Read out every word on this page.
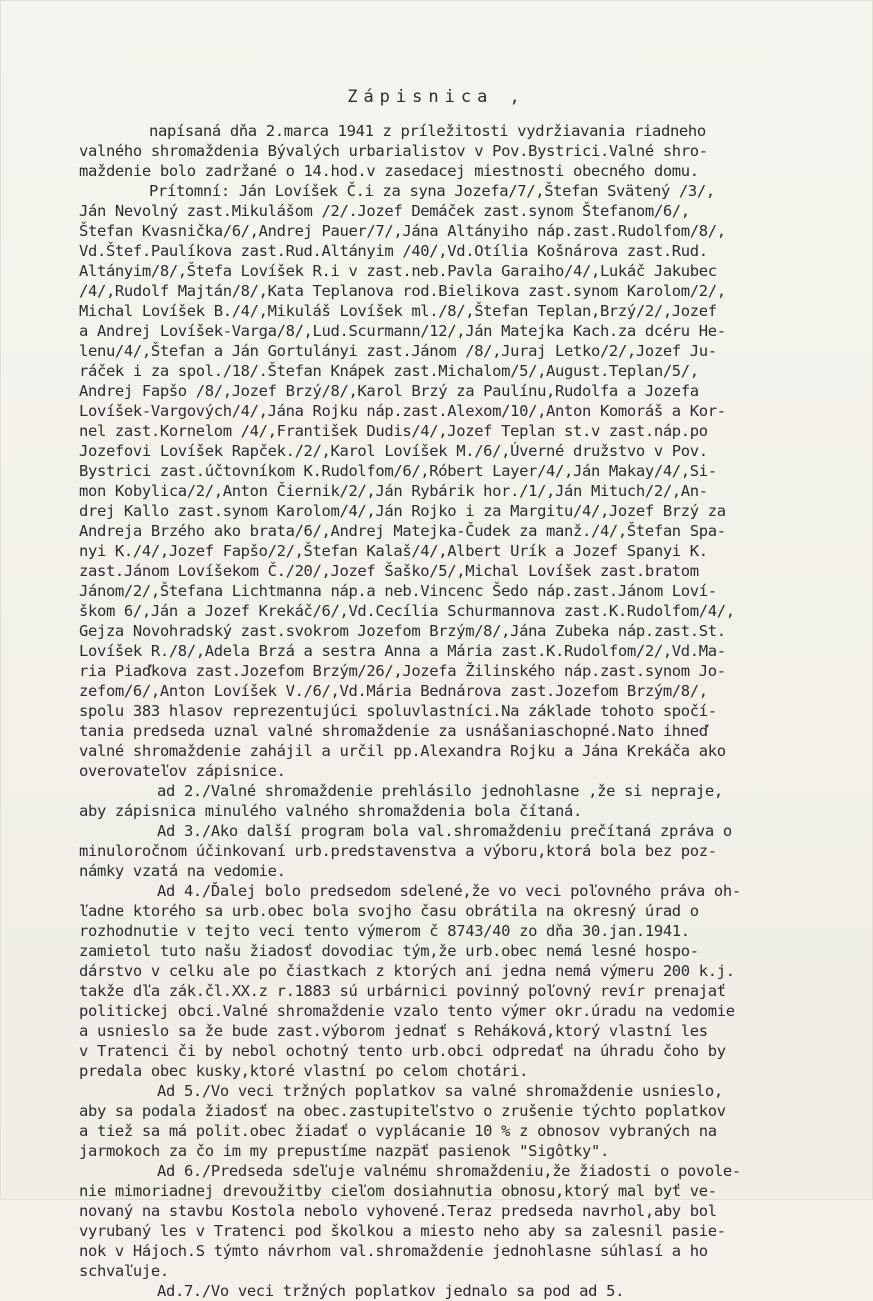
Zápisnica ,
napísaná dňa 2.marca 1941 z príležitosti vydržiavania riadneho
valného shromaždenia Bývalých urbarialistov v Pov.Bystrici.Valné shro-
maždenie bolo zadržané o 14.hod.v zasedacej miestnosti obecného domu.
Prítomní: Ján Lovíšek Č.i za syna Jozefa/7/,Štefan Svätený /3/,
Ján Nevolný zast.Mikulášom /2/.Jozef Demáček zast.synom Štefanom/6/,
Štefan Kvasnička/6/,Andrej Pauer/7/,Jána Altányiho náp.zast.Rudolfom/8/,
Vd.Štef.Paulíkova zast.Rud.Altányim /40/,Vd.Otília Košnárova zast.Rud.
Altányim/8/,Štefa Lovíšek R.i v zast.neb.Pavla Garaiho/4/,Lukáč Jakubec
/4/,Rudolf Majtán/8/,Kata Teplanova rod.Bielikova zast.synom Karolom/2/,
Michal Lovíšek B./4/,Mikuláš Lovíšek ml./8/,Štefan Teplan,Brzý/2/,Jozef
a Andrej Lovíšek-Varga/8/,Lud.Scurmann/12/,Ján Matejka Kach.za dcéru He-
lenu/4/,Štefan a Ján Gortulányi zast.Jánom /8/,Juraj Letko/2/,Jozef Ju-
ráček i za spol./18/.Štefan Knápek zast.Michalom/5/,August.Teplan/5/,
Andrej Fapšo /8/,Jozef Brzý/8/,Karol Brzý za Paulínu,Rudolfa a Jozefa
Lovíšek-Vargových/4/,Jána Rojku náp.zast.Alexom/10/,Anton Komoráš a Kor-
nel zast.Kornelom /4/,František Dudis/4/,Jozef Teplan st.v zast.náp.po
Jozefovi Lovíšek Rapček./2/,Karol Lovíšek M./6/,Úverné družstvo v Pov.
Bystrici zast.účtovníkom K.Rudolfom/6/,Róbert Layer/4/,Ján Makay/4/,Si-
mon Kobylica/2/,Anton Čiernik/2/,Ján Rybárik hor./1/,Ján Mituch/2/,An-
drej Kallo zast.synom Karolom/4/,Ján Rojko i za Margitu/4/,Jozef Brzý za
Andreja Brzého ako brata/6/,Andrej Matejka-Čudek za manž./4/,Štefan Spa-
nyi K./4/,Jozef Fapšo/2/,Štefan Kalaš/4/,Albert Urík a Jozef Spanyi K.
zast.Jánom Lovíšekom Č./20/,Jozef Šaško/5/,Michal Lovíšek zast.bratom
Jánom/2/,Štefana Lichtmanna náp.a neb.Vincenc Šedo náp.zast.Jánom Loví-
škom 6/,Ján a Jozef Krekáč/6/,Vd.Cecília Schurmannova zast.K.Rudolfom/4/,
Gejza Novohradský zast.svokrom Jozefom Brzým/8/,Jána Zubeka náp.zast.St.
Lovíšek R./8/,Adela Brzá a sestra Anna a Mária zast.K.Rudolfom/2/,Vd.Ma-
ria Piaďkova zast.Jozefom Brzým/26/,Jozefa Žilinského náp.zast.synom Jo-
zefom/6/,Anton Lovíšek V./6/,Vd.Mária Bednárova zast.Jozefom Brzým/8/,
spolu 383 hlasov reprezentujúci spoluvlastníci.Na základe tohoto spočí-
tania predseda uznal valné shromaždenie za usnášaniaschopné.Nato ihneď
valné shromaždenie zahájil a určil pp.Alexandra Rojku a Jána Krekáča ako
overovateľov zápisnice.
ad 2./Valné shromaždenie prehlásilo jednohlasne ,že si nepraje,
aby zápisnica minulého valného shromaždenia bola čítaná.
Ad 3./Ako další program bola val.shromaždeniu prečítaná zpráva o
minuloročnom účinkovaní urb.predstavenstva a výboru,ktorá bola bez poz-
námky vzatá na vedomie.
Ad 4./Ďalej bolo predsedom sdelené,že vo veci poľovného práva oh-
ľadne ktorého sa urb.obec bola svojho času obrátila na okresný úrad o
rozhodnutie v tejto veci tento výmerom č 8743/40 zo dňa 30.jan.1941.
zamietol tuto našu žiadosť dovodiac tým,že urb.obec nemá lesné hospo-
dárstvo v celku ale po čiastkach z ktorých ani jedna nemá výmeru 200 k.j.
takže dľa zák.čl.XX.z r.1883 sú urbárnici povinný poľovný revír prenajať
politickej obci.Valné shromaždenie vzalo tento výmer okr.úradu na vedomie
a usnieslo sa že bude zast.výborom jednať s Reháková,ktorý vlastní les
v Tratenci či by nebol ochotný tento urb.obci odpredať na úhradu čoho by
predala obec kusky,ktoré vlastní po celom chotári.
Ad 5./Vo veci tržných poplatkov sa valné shromaždenie usnieslo,
aby sa podala žiadosť na obec.zastupiteľstvo o zrušenie týchto poplatkov
a tiež sa má polit.obec žiadať o vyplácanie 10 % z obnosov vybraných na
jarmokoch za čo im my prepustíme nazpäť pasienok "Sigôtky".
Ad 6./Predseda sdeľuje valnému shromaždeniu,že žiadosti o povole-
nie mimoriadnej drevoužitby cieľom dosiahnutia obnosu,ktorý mal byť ve-
novaný na stavbu Kostola nebolo vyhovené.Teraz predseda navrhol,aby bol
vyrubaný les v Tratenci pod školkou a miesto neho aby sa zalesnil pasie-
nok v Hájoch.S týmto návrhom val.shromaždenie jednohlasne súhlasí a ho
schvaľuje.
Ad.7./Vo veci tržných poplatkov jednalo sa pod ad 5.
